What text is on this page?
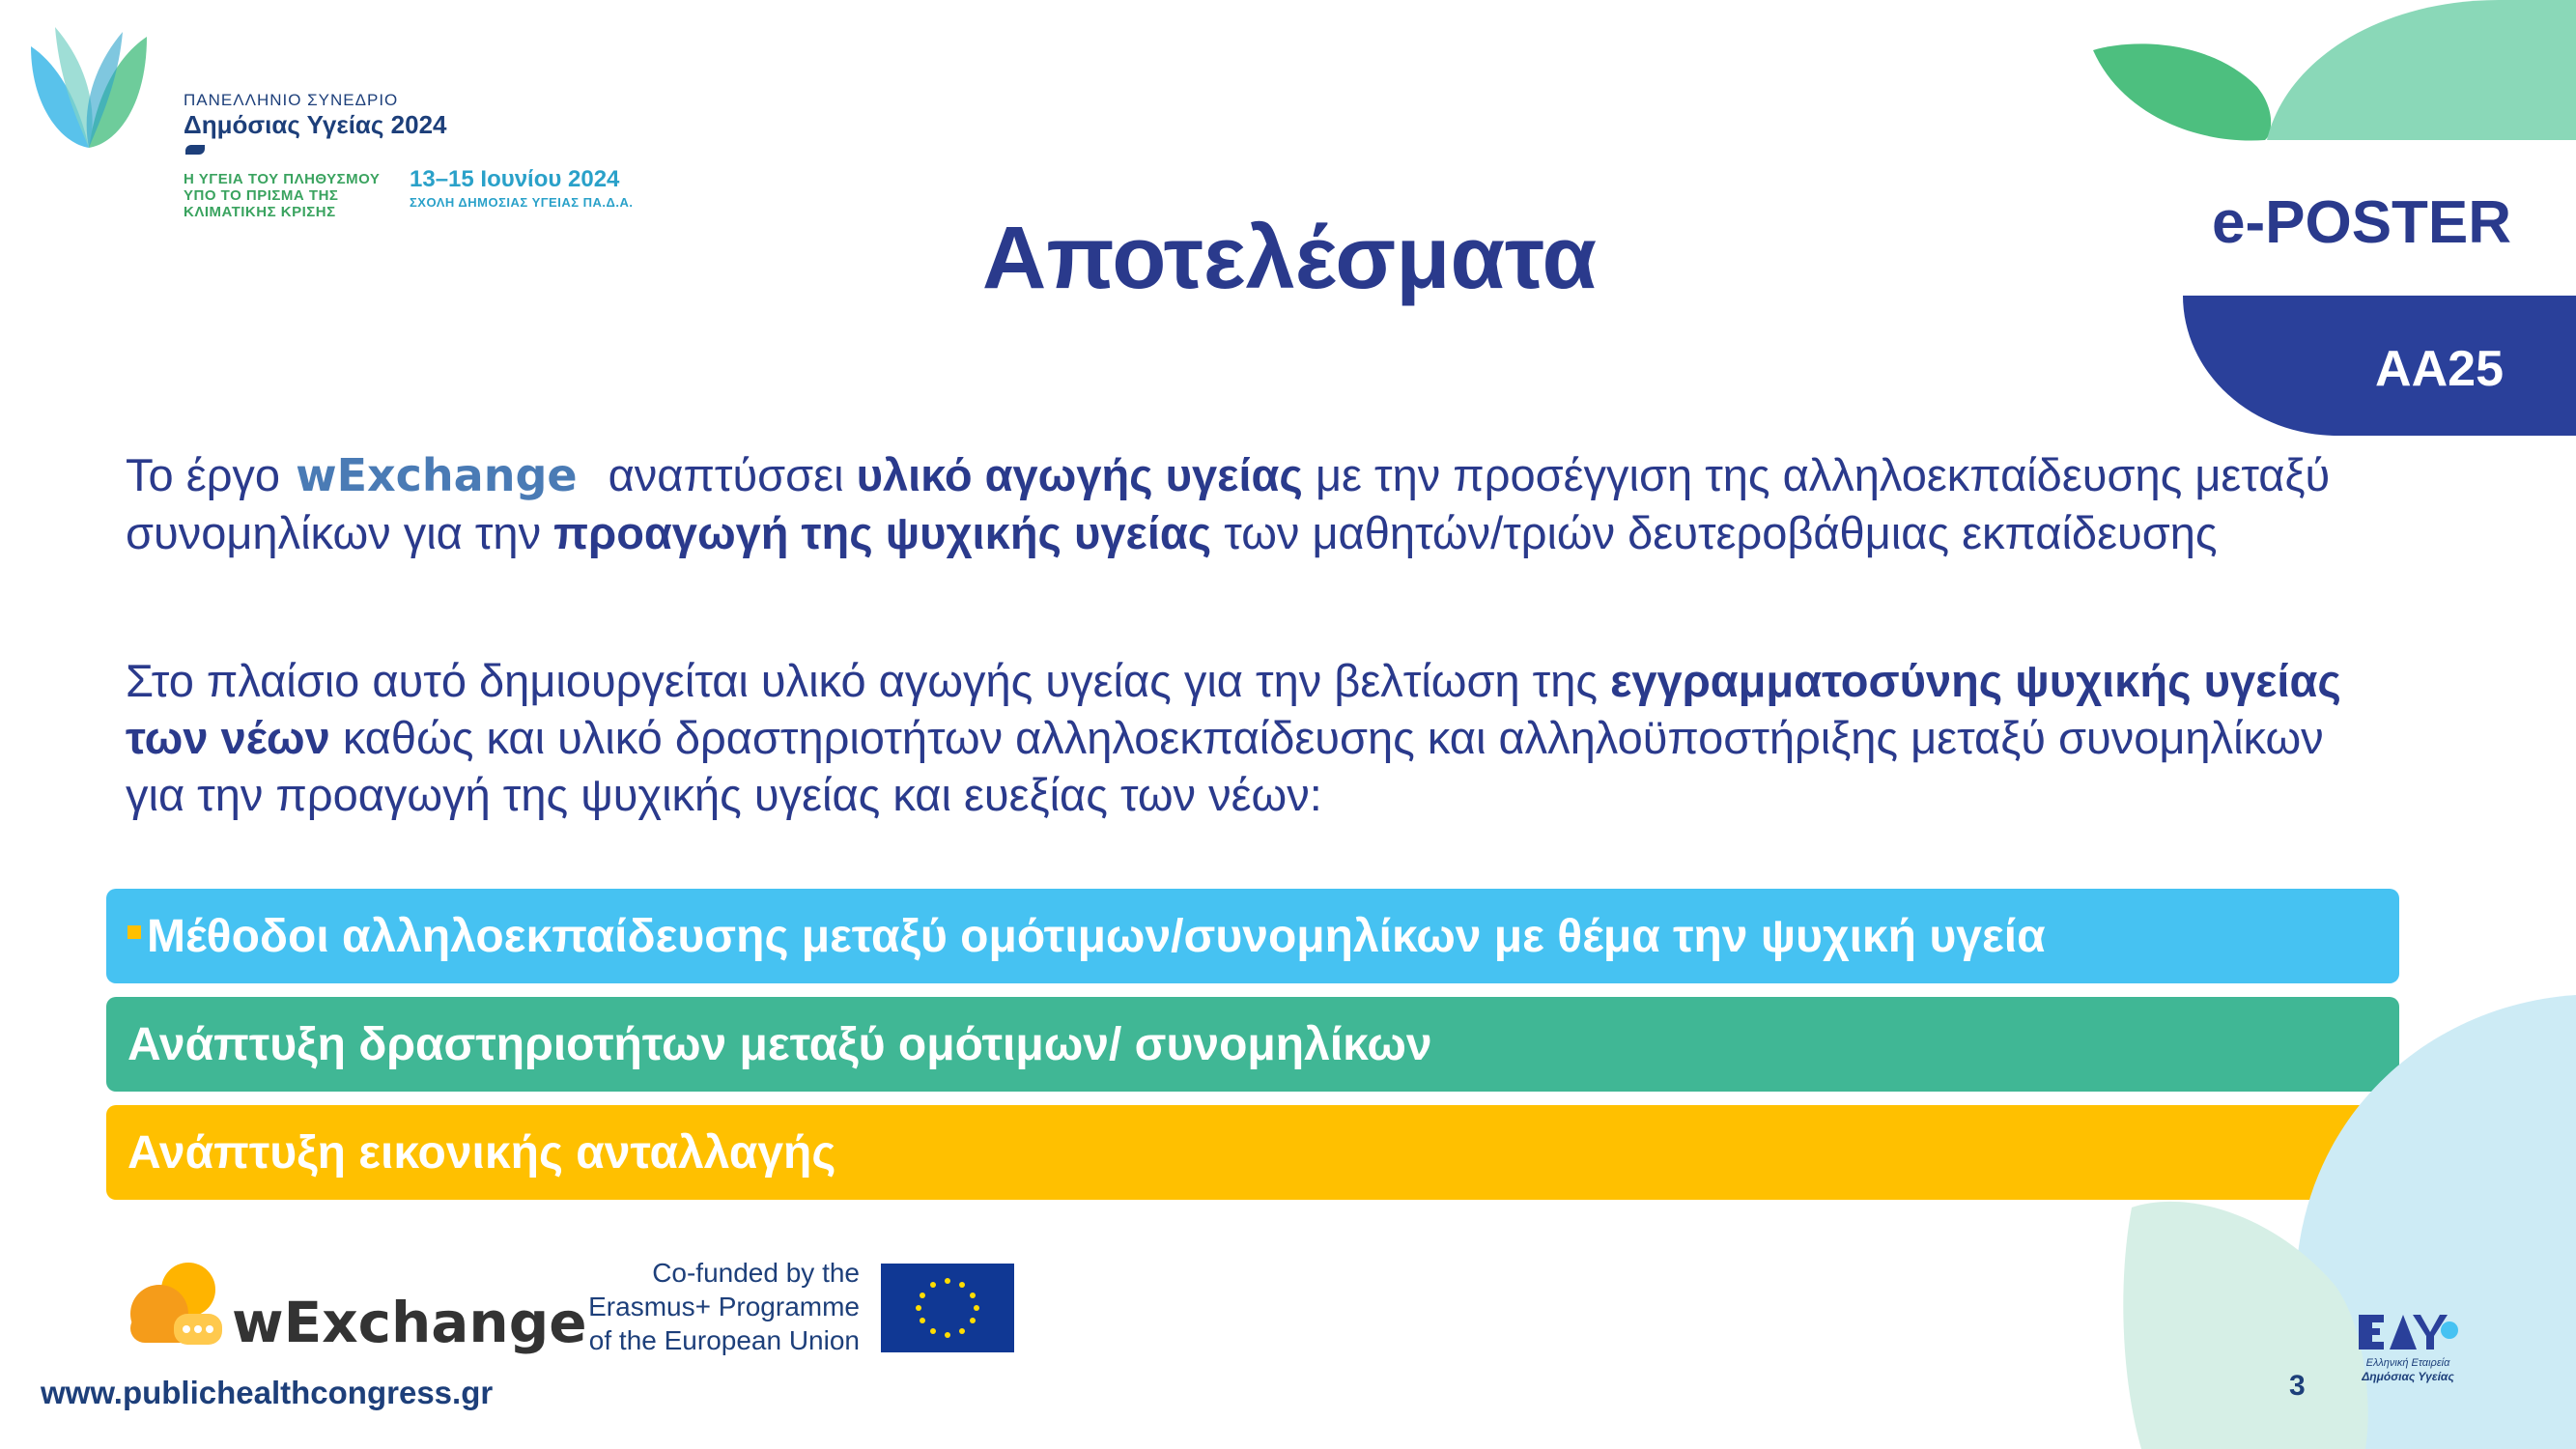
ΠΑΝΕΛΛΗΝΙΟ ΣΥΝΕΔΡΙΟ
Δημόσιας Υγείας 2024
Η ΥΓΕΙΑ ΤΟΥ ΠΛΗΘΥΣΜΟΥ ΥΠΟ ΤΟ ΠΡΙΣΜΑ ΤΗΣ ΚΛΙΜΑΤΙΚΗΣ ΚΡΙΣΗΣ
13–15 Ιουνίου 2024
ΣΧΟΛΗ ΔΗΜΟΣΙΑΣ ΥΓΕΙΑΣ ΠΑ.Δ.Α.
Αποτελέσματα	e-POSTER
ΑΑ25
Το έργο wExchange αναπτύσσει υλικό αγωγής υγείας με την προσέγγιση της αλληλοεκπαίδευσης μεταξύ συνομηλίκων για την προαγωγή της ψυχικής υγείας των μαθητών/τριών δευτεροβάθμιας εκπαίδευσης
Στο πλαίσιο αυτό δημιουργείται υλικό αγωγής υγείας για την βελτίωση της εγγραμματοσύνης ψυχικής υγείας των νέων καθώς και υλικό δραστηριοτήτων αλληλοεκπαίδευσης και αλληλοϋποστήριξης μεταξύ συνομηλίκων για την προαγωγή της ψυχικής υγείας και ευεξίας των νέων:
Μέθοδοι αλληλοεκπαίδευσης μεταξύ ομότιμων/συνομηλίκων με θέμα την ψυχική υγεία
Ανάπτυξη δραστηριοτήτων μεταξύ ομότιμων/ συνομηλίκων
Ανάπτυξη εικονικής ανταλλαγής
wExchange
Co-funded by the
Erasmus+ Programme
of the European Union
www.publichealthcongress.gr	3
Ελληνική Εταιρεία
Δημόσιας Υγείας
